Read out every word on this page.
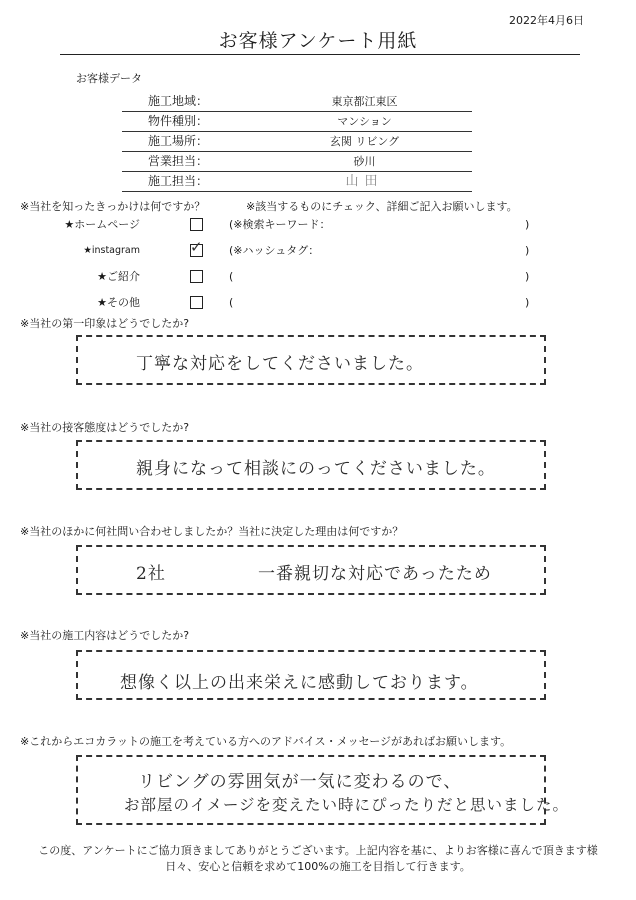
2022年4月6日
お客様アンケート用紙
お客様データ
施工地域：	東京都江東区
物件種別：	マンション
施工場所：	玄関 リビング
営業担当：	砂川
施工担当：	山田
※当社を知ったきっかけは何ですか？	※該当するものにチェック、詳細ご記入お願いします。
★ホームページ	(※検索キーワード：	)
★instagram	✓ (※ハッシュタグ：	)
★ご紹介	(	)
★その他	(	)
※当社の第一印象はどうでしたか?
丁寧な対応をしてくださいました。
※当社の接客態度はどうでしたか?
親身になって相談にのってくださいました。
※当社のほかに何社問い合わせしましたか？当社に決定した理由は何ですか？
2社	一番親切な対応であったため
※当社の施工内容はどうでしたか?
想像く以上の出来栄えに感動しております。
※これからエコカラットの施工を考えている方へのアドバイス・メッセージがあればお願いします。
リビングの雰囲気が一気に変わるので、
お部屋のイメージを変えたい時にぴったりだと思いました。
この度、アンケートにご協力頂きましてありがとうございます。上記内容を基に、よりお客様に喜んで頂きます様
日々、安心と信頼を求めて100%の施工を目指して行きます。
